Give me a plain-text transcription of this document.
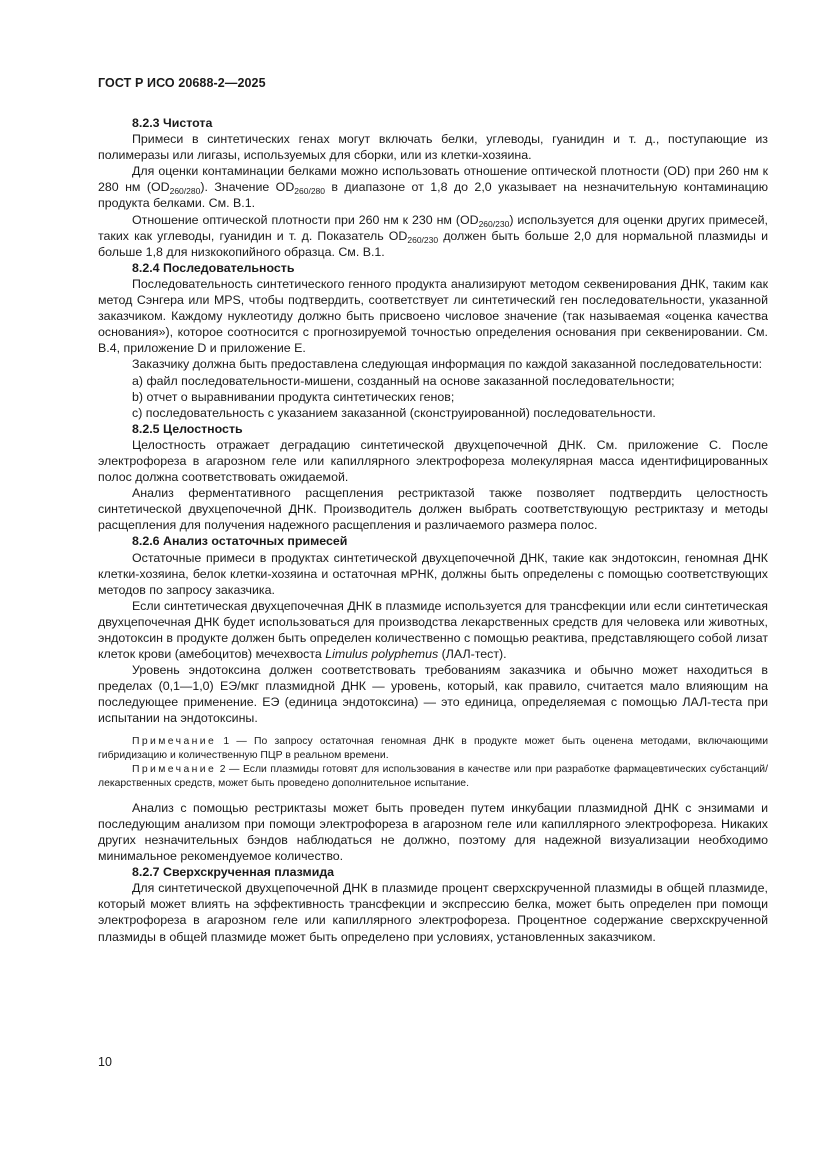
ГОСТ Р ИСО 20688-2—2025

8.2.3 Чистота

Примеси в синтетических генах могут включать белки, углеводы, гуанидин и т. д., поступающие из полимеразы или лигазы, используемых для сборки, или из клетки-хозяина.

Для оценки контаминации белками можно использовать отношение оптической плотности (OD) при 260 нм к 280 нм $(OD_{260/280})$. Значение $OD_{260/280}$ в диапазоне от 1,8 до 2,0 указывает на незначительную контаминацию продукта белками. См. В.1.

Отношение оптической плотности при 260 нм к 230 нм $(OD_{260/230})$ используется для оценки других примесей, таких как углеводы, гуанидин и т. д. Показатель $OD_{260/230}$ должен быть больше 2,0 для нормальной плазмиды и больше 1,8 для низкокопийного образца. См. В.1.

8.2.4 Последовательность

Последовательность синтетического генного продукта анализируют методом секвенирования ДНК, таким как метод Сэнгера или MPS, чтобы подтвердить, соответствует ли синтетический ген последовательности, указанной заказчиком. Каждому нуклеотиду должно быть присвоено числовое значение (так называемая «оценка качества основания»), которое соотносится с прогнозируемой точностью определения основания при секвенировании. См. В.4, приложение D и приложение Е.

Заказчику должна быть предоставлена следующая информация по каждой заказанной последовательности:

a) файл последовательности-мишени, созданный на основе заказанной последовательности;

b) отчет о выравнивании продукта синтетических генов;

c) последовательность с указанием заказанной (сконструированной) последовательности.

8.2.5 Целостность

Целостность отражает деградацию синтетической двухцепочечной ДНК. См. приложение С. После электрофореза в агарозном геле или капиллярного электрофореза молекулярная масса идентифицированных полос должна соответствовать ожидаемой.

Анализ ферментативного расщепления рестриктазой также позволяет подтвердить целостность синтетической двухцепочечной ДНК. Производитель должен выбрать соответствующую рестриктазу и методы расщепления для получения надежного расщепления и различаемого размера полос.

8.2.6 Анализ остаточных примесей

Остаточные примеси в продуктах синтетической двухцепочечной ДНК, такие как эндотоксин, геномная ДНК клетки-хозяина, белок клетки-хозяина и остаточная мРНК, должны быть определены с помощью соответствующих методов по запросу заказчика.

Если синтетическая двухцепочечная ДНК в плазмиде используется для трансфекции или если синтетическая двухцепочечная ДНК будет использоваться для производства лекарственных средств для человека или животных, эндотоксин в продукте должен быть определен количественно с помощью реактива, представляющего собой лизат клеток крови (амебоцитов) мечехвоста Limulus polyphemus (ЛАЛ-тест).

Уровень эндотоксина должен соответствовать требованиям заказчика и обычно может находиться в пределах (0,1—1,0) ЕЭ/мкг плазмидной ДНК — уровень, который, как правило, считается мало влияющим на последующее применение. ЕЭ (единица эндотоксина) — это единица, определяемая с помощью ЛАЛ-теста при испытании на эндотоксины.

Примечание 1 — По запросу остаточная геномная ДНК в продукте может быть оценена методами, включающими гибридизацию и количественную ПЦР в реальном времени.

Примечание 2 — Если плазмиды готовят для использования в качестве или при разработке фармацевтических субстанций/лекарственных средств, может быть проведено дополнительное испытание.

Анализ с помощью рестриктазы может быть проведен путем инкубации плазмидной ДНК с энзимами и последующим анализом при помощи электрофореза в агарозном геле или капиллярного электрофореза. Никаких других незначительных бэндов наблюдаться не должно, поэтому для надежной визуализации необходимо минимальное рекомендуемое количество.

8.2.7 Сверхскрученная плазмида

Для синтетической двухцепочечной ДНК в плазмиде процент сверхскрученной плазмиды в общей плазмиде, который может влиять на эффективность трансфекции и экспрессию белка, может быть определен при помощи электрофореза в агарозном геле или капиллярного электрофореза. Процентное содержание сверхскрученной плазмиды в общей плазмиде может быть определено при условиях, установленных заказчиком.

10
